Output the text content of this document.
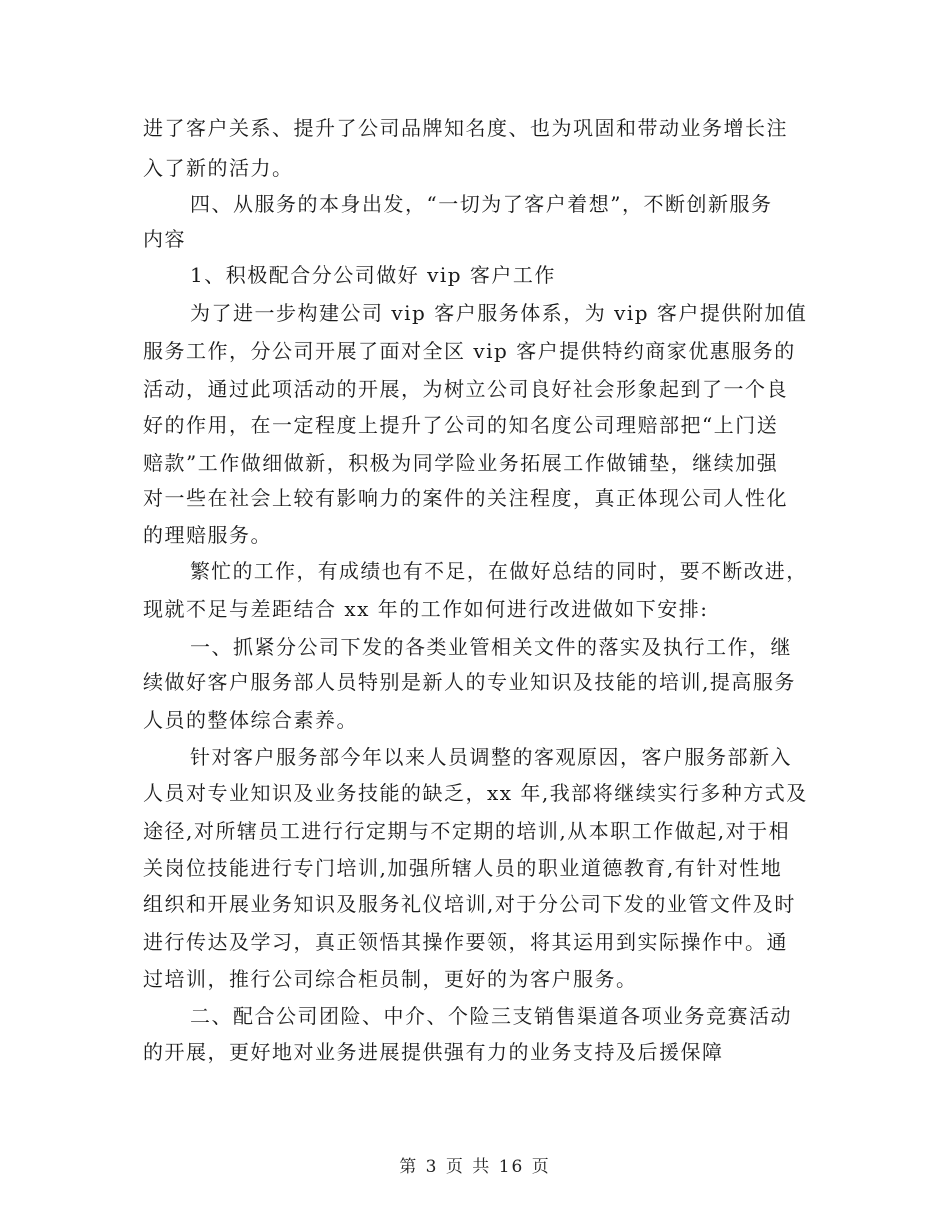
进了客户关系、提升了公司品牌知名度、也为巩固和带动业务增长注
入了新的活力。
四、从服务的本身出发，“一切为了客户着想”，不断创新服务
内容
1、积极配合分公司做好 vip 客户工作
为了进一步构建公司 vip 客户服务体系，为 vip 客户提供附加值
服务工作，分公司开展了面对全区 vip 客户提供特约商家优惠服务的
活动，通过此项活动的开展，为树立公司良好社会形象起到了一个良
好的作用，在一定程度上提升了公司的知名度公司理赔部把“上门送
赔款”工作做细做新，积极为同学险业务拓展工作做铺垫，继续加强
对一些在社会上较有影响力的案件的关注程度，真正体现公司人性化
的理赔服务。
繁忙的工作，有成绩也有不足，在做好总结的同时，要不断改进，
现就不足与差距结合 xx 年的工作如何进行改进做如下安排:
一、抓紧分公司下发的各类业管相关文件的落实及执行工作，继
续做好客户服务部人员特别是新人的专业知识及技能的培训,提高服务
人员的整体综合素养。
针对客户服务部今年以来人员调整的客观原因，客户服务部新入
人员对专业知识及业务技能的缺乏，xx 年,我部将继续实行多种方式及
途径,对所辖员工进行行定期与不定期的培训,从本职工作做起,对于相
关岗位技能进行专门培训,加强所辖人员的职业道德教育,有针对性地
组织和开展业务知识及服务礼仪培训,对于分公司下发的业管文件及时
进行传达及学习，真正领悟其操作要领，将其运用到实际操作中。通
过培训，推行公司综合柜员制，更好的为客户服务。
二、配合公司团险、中介、个险三支销售渠道各项业务竞赛活动
的开展，更好地对业务进展提供强有力的业务支持及后援保障
第 3 页 共 16 页
